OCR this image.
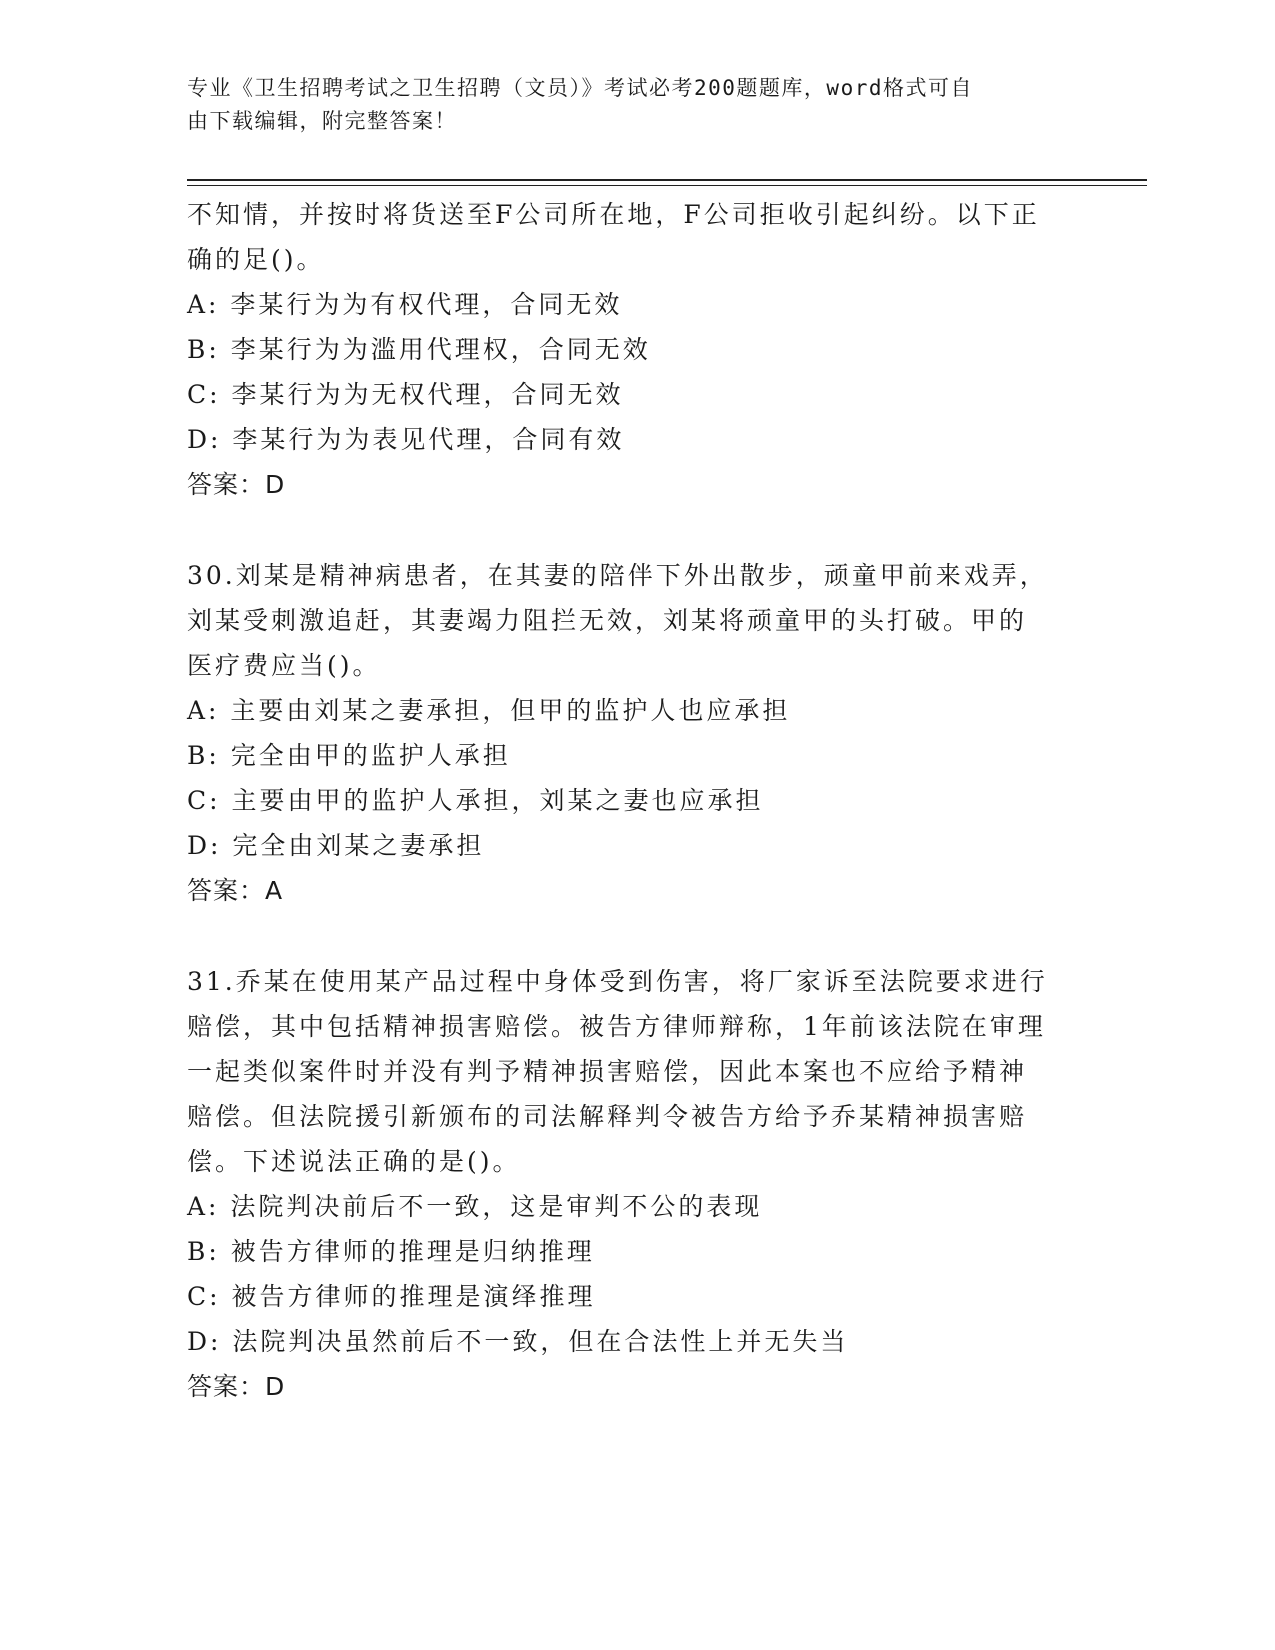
专业《卫生招聘考试之卫生招聘（文员）》考试必考200题题库，word格式可自
由下载编辑，附完整答案！

不知情，并按时将货送至F公司所在地，F公司拒收引起纠纷。以下正

确的足()。

A: 李某行为为有权代理，合同无效

B: 李某行为为滥用代理权，合同无效

C: 李某行为为无权代理，合同无效

D: 李某行为为表见代理，合同有效

答案：D

30.刘某是精神病患者，在其妻的陪伴下外出散步，顽童甲前来戏弄，

刘某受刺激追赶，其妻竭力阻拦无效，刘某将顽童甲的头打破。甲的

医疗费应当()。

A: 主要由刘某之妻承担，但甲的监护人也应承担

B: 完全由甲的监护人承担

C: 主要由甲的监护人承担，刘某之妻也应承担

D: 完全由刘某之妻承担

答案：A

31.乔某在使用某产品过程中身体受到伤害，将厂家诉至法院要求进行

赔偿，其中包括精神损害赔偿。被告方律师辩称，1年前该法院在审理

一起类似案件时并没有判予精神损害赔偿，因此本案也不应给予精神

赔偿。但法院援引新颁布的司法解释判令被告方给予乔某精神损害赔

偿。下述说法正确的是()。

A: 法院判决前后不一致，这是审判不公的表现

B: 被告方律师的推理是归纳推理

C: 被告方律师的推理是演绎推理

D: 法院判决虽然前后不一致，但在合法性上并无失当

答案：D
